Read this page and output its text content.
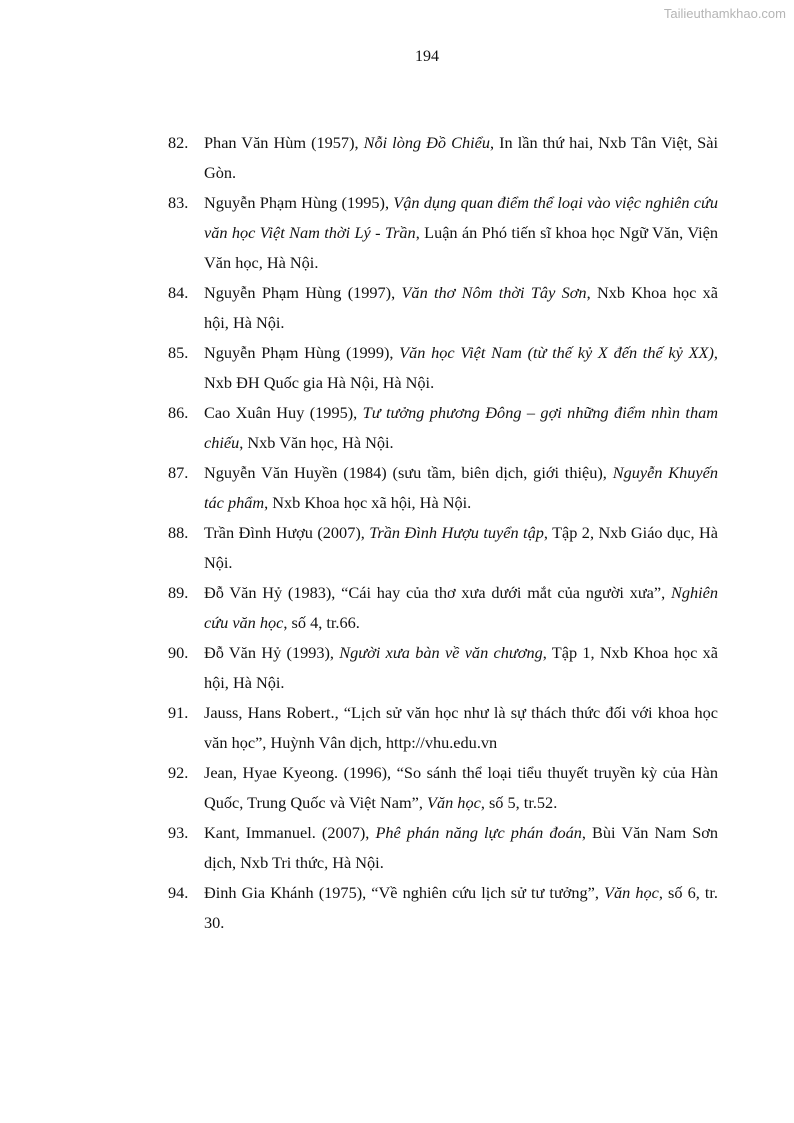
Tailieuthamkhao.com
194
82. Phan Văn Hùm (1957), Nỗi lòng Đồ Chiểu, In lần thứ hai, Nxb Tân Việt, Sài Gòn.
83. Nguyễn Phạm Hùng (1995), Vận dụng quan điểm thể loại vào việc nghiên cứu văn học Việt Nam thời Lý - Trần, Luận án Phó tiến sĩ khoa học Ngữ Văn, Viện Văn học, Hà Nội.
84. Nguyễn Phạm Hùng (1997), Văn thơ Nôm thời Tây Sơn, Nxb Khoa học xã hội, Hà Nội.
85. Nguyễn Phạm Hùng (1999), Văn học Việt Nam (từ thế kỷ X đến thế kỷ XX), Nxb ĐH Quốc gia Hà Nội, Hà Nội.
86. Cao Xuân Huy (1995), Tư tưởng phương Đông – gợi những điểm nhìn tham chiếu, Nxb Văn học, Hà Nội.
87. Nguyễn Văn Huyền (1984) (sưu tầm, biên dịch, giới thiệu), Nguyễn Khuyến tác phẩm, Nxb Khoa học xã hội, Hà Nội.
88. Trần Đình Hượu (2007), Trần Đình Hượu tuyển tập, Tập 2, Nxb Giáo dục, Hà Nội.
89. Đỗ Văn Hỷ (1983), “Cái hay của thơ xưa dưới mắt của người xưa”, Nghiên cứu văn học, số 4, tr.66.
90. Đỗ Văn Hỷ (1993), Người xưa bàn về văn chương, Tập 1, Nxb Khoa học xã hội, Hà Nội.
91. Jauss, Hans Robert., “Lịch sử văn học như là sự thách thức đối với khoa học văn học”, Huỳnh Vân dịch, http://vhu.edu.vn
92. Jean, Hyae Kyeong. (1996), “So sánh thể loại tiểu thuyết truyền kỳ của Hàn Quốc, Trung Quốc và Việt Nam”, Văn học, số 5, tr.52.
93. Kant, Immanuel. (2007), Phê phán năng lực phán đoán, Bùi Văn Nam Sơn dịch, Nxb Tri thức, Hà Nội.
94. Đinh Gia Khánh (1975), “Về nghiên cứu lịch sử tư tưởng”, Văn học, số 6, tr. 30.
